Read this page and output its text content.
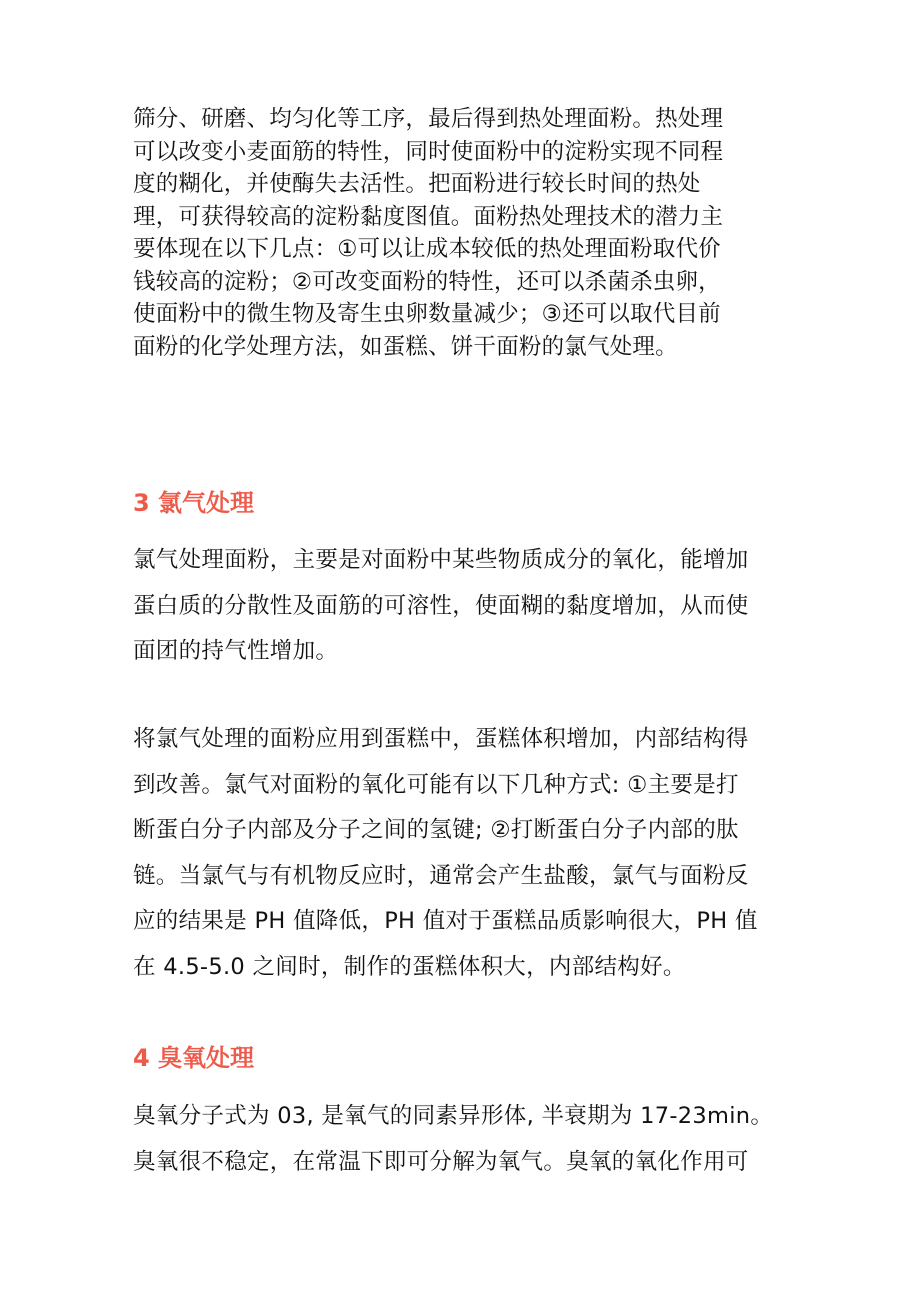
筛分、研磨、均匀化等工序，最后得到热处理面粉。热处理
可以改变小麦面筋的特性，同时使面粉中的淀粉实现不同程
度的糊化，并使酶失去活性。把面粉进行较长时间的热处
理，可获得较高的淀粉黏度图值。面粉热处理技术的潜力主
要体现在以下几点：①可以让成本较低的热处理面粉取代价
钱较高的淀粉；②可改变面粉的特性，还可以杀菌杀虫卵，
使面粉中的微生物及寄生虫卵数量减少；③还可以取代目前
面粉的化学处理方法，如蛋糕、饼干面粉的氯气处理。
3 氯气处理

氯气处理面粉，主要是对面粉中某些物质成分的氧化，能增加
蛋白质的分散性及面筋的可溶性，使面糊的黏度增加，从而使
面团的持气性增加。

将氯气处理的面粉应用到蛋糕中，蛋糕体积增加，内部结构得
到改善。氯气对面粉的氧化可能有以下几种方式: ①主要是打
断蛋白分子内部及分子之间的氢键; ②打断蛋白分子内部的肽
链。当氯气与有机物反应时，通常会产生盐酸，氯气与面粉反
应的结果是 PH 值降低，PH 值对于蛋糕品质影响很大，PH 值
在 4.5-5.0 之间时，制作的蛋糕体积大，内部结构好。

4 臭氧处理

臭氧分子式为 03, 是氧气的同素异形体, 半衰期为 17-23min。
臭氧很不稳定，在常温下即可分解为氧气。臭氧的氧化作用可
